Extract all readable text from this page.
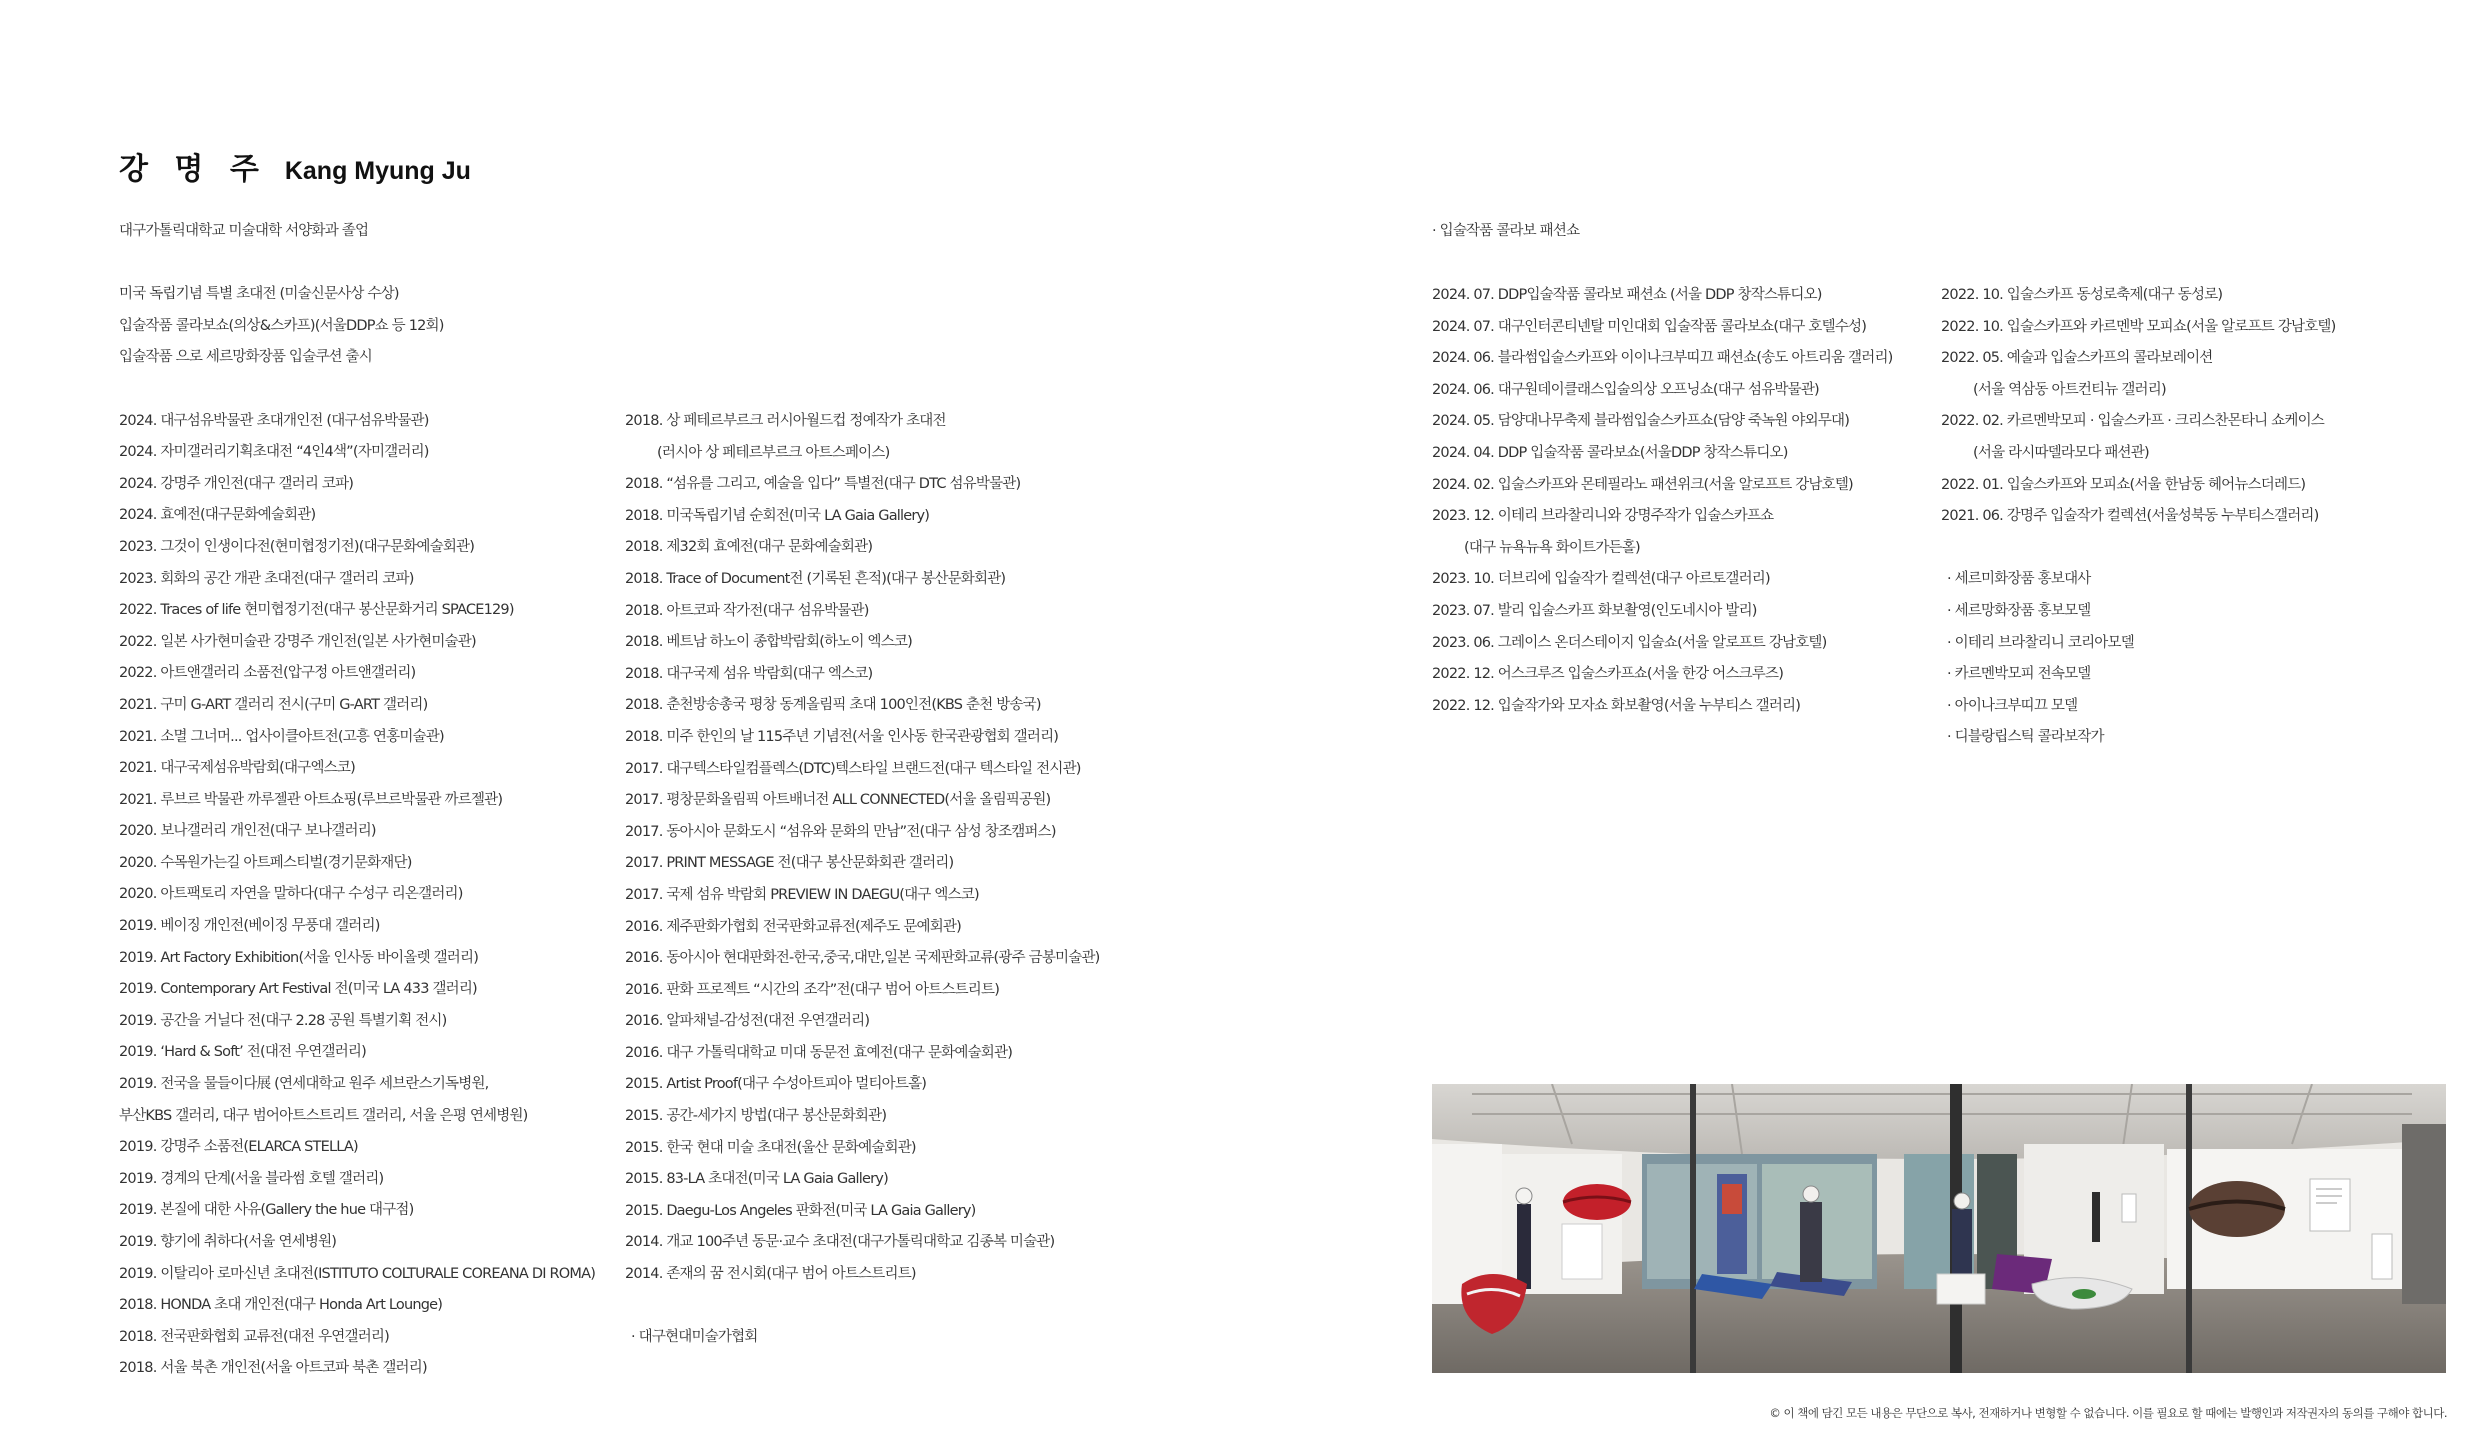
강 명 주 Kang Myung Ju
대구가톨릭대학교 미술대학 서양화과 졸업
미국 독립기념 특별 초대전 (미술신문사상 수상)
입술작품 콜라보쇼(의상&스카프)(서울DDP쇼 등 12회)
입술작품 으로 세르망화장품 입술쿠션 출시
2024. 대구섬유박물관 초대개인전 (대구섬유박물관)
2024. 자미갤러리기획초대전 “4인4색”(자미갤러리)
2024. 강명주 개인전(대구 갤러리 코파)
2024. 효예전(대구문화예술회관)
2023. 그것이 인생이다전(현미협정기전)(대구문화예술회관)
2023. 회화의 공간 개관 초대전(대구 갤러리 코파)
2022. Traces of life 현미협정기전(대구 봉산문화거리 SPACE129)
2022. 일본 사가현미술관 강명주 개인전(일본 사가현미술관)
2022. 아트앤갤러리 소품전(압구정 아트앤갤러리)
2021. 구미 G-ART 갤러리 전시(구미 G-ART 갤러리)
2021. 소멸 그너머... 업사이클아트전(고흥 연홍미술관)
2021. 대구국제섬유박람회(대구엑스코)
2021. 루브르 박물관 까루젤관 아트쇼핑(루브르박물관 까르젤관)
2020. 보나갤러리 개인전(대구 보나갤러리)
2020. 수목원가는길 아트페스티벌(경기문화재단)
2020. 아트팩토리 자연을 말하다(대구 수성구 리온갤러리)
2019. 베이징 개인전(베이징 무풍대 갤러리)
2019. Art Factory Exhibition(서울 인사동 바이올렛 갤러리)
2019. Contemporary Art Festival 전(미국 LA 433 갤러리)
2019. 공간을 거닐다 전(대구 2.28 공원 특별기획 전시)
2019. ‘Hard & Soft’ 전(대전 우연갤러리)
2019. 전국을 물들이다展 (연세대학교 원주 세브란스기독병원,
부산KBS 갤러리, 대구 범어아트스트리트 갤러리, 서울 은평 연세병원)
2019. 강명주 소품전(ELARCA STELLA)
2019. 경계의 단계(서울 블라썸 호텔 갤러리)
2019. 본질에 대한 사유(Gallery the hue 대구점)
2019. 향기에 취하다(서울 연세병원)
2019. 이탈리아 로마신년 초대전(ISTITUTO COLTURALE COREANA DI ROMA)
2018. HONDA 초대 개인전(대구 Honda Art Lounge)
2018. 전국판화협회 교류전(대전 우연갤러리)
2018. 서울 북촌 개인전(서울 아트코파 북촌 갤러리)
2018. 상 페테르부르크 러시아월드컵 정예작가 초대전
(러시아 상 페테르부르크 아트스페이스)
2018. “섬유를 그리고, 예술을 입다” 특별전(대구 DTC 섬유박물관)
2018. 미국독립기념 순회전(미국 LA Gaia Gallery)
2018. 제32회 효예전(대구 문화예술회관)
2018. Trace of Document전 (기록된 흔적)(대구 봉산문화회관)
2018. 아트코파 작가전(대구 섬유박물관)
2018. 베트남 하노이 종합박람회(하노이 엑스코)
2018. 대구국제 섬유 박람회(대구 엑스코)
2018. 춘천방송총국 평창 동계올림픽 초대 100인전(KBS 춘천 방송국)
2018. 미주 한인의 날 115주년 기념전(서울 인사동 한국관광협회 갤러리)
2017. 대구텍스타일컴플렉스(DTC)텍스타일 브랜드전(대구 텍스타일 전시관)
2017. 평창문화올림픽 아트배너전 ALL CONNECTED(서울 올림픽공원)
2017. 동아시아 문화도시 “섬유와 문화의 만남”전(대구 삼성 창조캠퍼스)
2017. PRINT MESSAGE 전(대구 봉산문화회관 갤러리)
2017. 국제 섬유 박람회 PREVIEW IN DAEGU(대구 엑스코)
2016. 제주판화가협회 전국판화교류전(제주도 문예회관)
2016. 동아시아 현대판화전-한국,중국,대만,일본 국제판화교류(광주 금봉미술관)
2016. 판화 프로젝트 “시간의 조각”전(대구 범어 아트스트리트)
2016. 알파채널-감성전(대전 우연갤러리)
2016. 대구 가톨릭대학교 미대 동문전 효예전(대구 문화예술회관)
2015. Artist Proof(대구 수성아트피아 멀티아트홀)
2015. 공간-세가지 방법(대구 봉산문화회관)
2015. 한국 현대 미술 초대전(울산 문화예술회관)
2015. 83-LA 초대전(미국 LA Gaia Gallery)
2015. Daegu-Los Angeles 판화전(미국 LA Gaia Gallery)
2014. 개교 100주년 동문·교수 초대전(대구가톨릭대학교 김종복 미술관)
2014. 존재의 꿈 전시회(대구 범어 아트스트리트)
· 대구현대미술가협회
· 입술작품 콜라보 패션쇼
2024. 07. DDP입술작품 콜라보 패션쇼 (서울 DDP 창작스튜디오)
2024. 07. 대구인터콘티넨탈 미인대회 입술작품 콜라보쇼(대구 호텔수성)
2024. 06. 블라썸입술스카프와 이이나크부띠끄 패션쇼(송도 아트리움 갤러리)
2024. 06. 대구원데이클래스입술의상 오프닝쇼(대구 섬유박물관)
2024. 05. 담양대나무축제 블라썸입술스카프쇼(담양 죽녹원 야외무대)
2024. 04. DDP 입술작품 콜라보쇼(서울DDP 창작스튜디오)
2024. 02. 입술스카프와 몬테필라노 패션위크(서울 알로프트 강남호텔)
2023. 12. 이테리 브라찰리니와 강명주작가 입술스카프쇼
(대구 뉴욕뉴욕 화이트가든홀)
2023. 10. 더브리에 입술작가 컬렉션(대구 아르토갤러리)
2023. 07. 발리 입술스카프 화보촬영(인도네시아 발리)
2023. 06. 그레이스 온더스테이지 입술쇼(서울 알로프트 강남호텔)
2022. 12. 어스크루즈 입술스카프쇼(서울 한강 어스크루즈)
2022. 12. 입술작가와 모자쇼 화보촬영(서울 누부티스 갤러리)
2022. 10. 입술스카프 동성로축제(대구 동성로)
2022. 10. 입술스카프와 카르멘박 모피쇼(서울 알로프트 강남호텔)
2022. 05. 예술과 입술스카프의 콜라보레이션
(서울 역삼동 아트컨티뉴 갤러리)
2022. 02. 카르멘박모피 · 입술스카프 · 크리스찬몬타니 쇼케이스
(서울 라시따델라모다 패션관)
2022. 01. 입술스카프와 모피쇼(서울 한남동 헤어뉴스더레드)
2021. 06. 강명주 입술작가 컬렉션(서울성북동 누부티스갤러리)
· 세르미화장품 홍보대사
· 세르망화장품 홍보모델
· 이테리 브라찰리니 코리아모델
· 카르멘박모피 전속모델
· 아이나크부띠끄 모델
· 디블랑립스틱 콜라보작가
© 이 책에 담긴 모든 내용은 무단으로 복사, 전재하거나 변형할 수 없습니다. 이를 필요로 할 때에는 발행인과 저작권자의 동의를 구해야 합니다.
